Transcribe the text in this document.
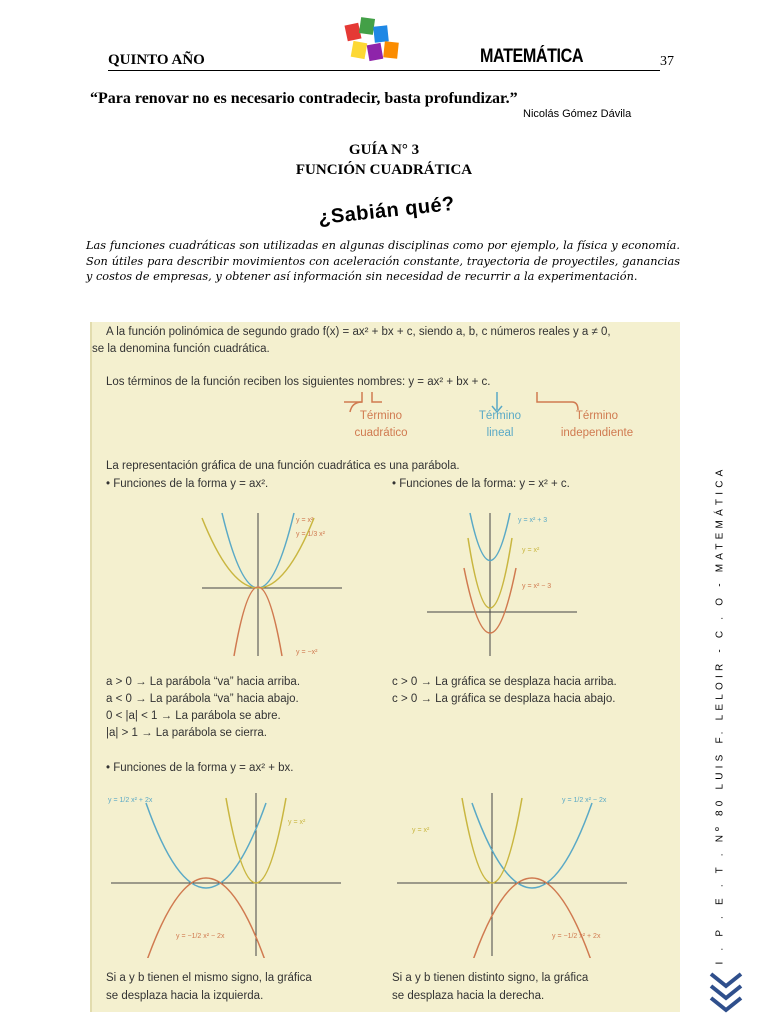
QUINTO AÑO	MATEMÁTICA	37
“Para renovar no es necesario contradecir, basta profundizar.”
Nicolás Gómez Dávila
GUÍA N° 3
FUNCIÓN CUADRÁTICA
¿Sabián qué?
Las funciones cuadráticas son utilizadas en algunas disciplinas como por ejemplo, la física y economía. Son útiles para describir movimientos con aceleración constante, trayectoria de proyectiles, ganancias y costos de empresas, y obtener así información sin necesidad de recurrir a la experimentación.
A la función polinómica de segundo grado f(x) = ax² + bx + c, siendo a, b, c números reales y a ≠ 0,
se la denomina función cuadrática.
Los términos de la función reciben los siguientes nombres: y = ax² + bx + c.
Término
cuadrático
Término
lineal
Término
independiente
La representación gráfica de una función cuadrática es una parábola.
• Funciones de la forma y = ax².	• Funciones de la forma: y = x² + c.
y = x²
y = 1/3 x²
y = −x²
y = x² + 3
y = x²
y = x² − 3
a > 0 → La parábola “va” hacia arriba.
a < 0 → La parábola “va” hacia abajo.
0 < |a| < 1 → La parábola se abre.
|a| > 1 → La parábola se cierra.
c > 0 → La gráfica se desplaza hacia arriba.
c > 0 → La gráfica se desplaza hacia abajo.
• Funciones de la forma y = ax² + bx.
y = 1/2 x² + 2x
y = x²
y = −1/2 x² − 2x
y = 1/2 x² − 2x
y = x²
y = −1/2 x² + 2x
Si a y b tienen el mismo signo, la gráfica
se desplaza hacia la izquierda.
Si a y b tienen distinto signo, la gráfica
se desplaza hacia la derecha.
I . P . E . T . Nº 80 LUIS F. LELOIR - C . O - MATEMÁTICA
